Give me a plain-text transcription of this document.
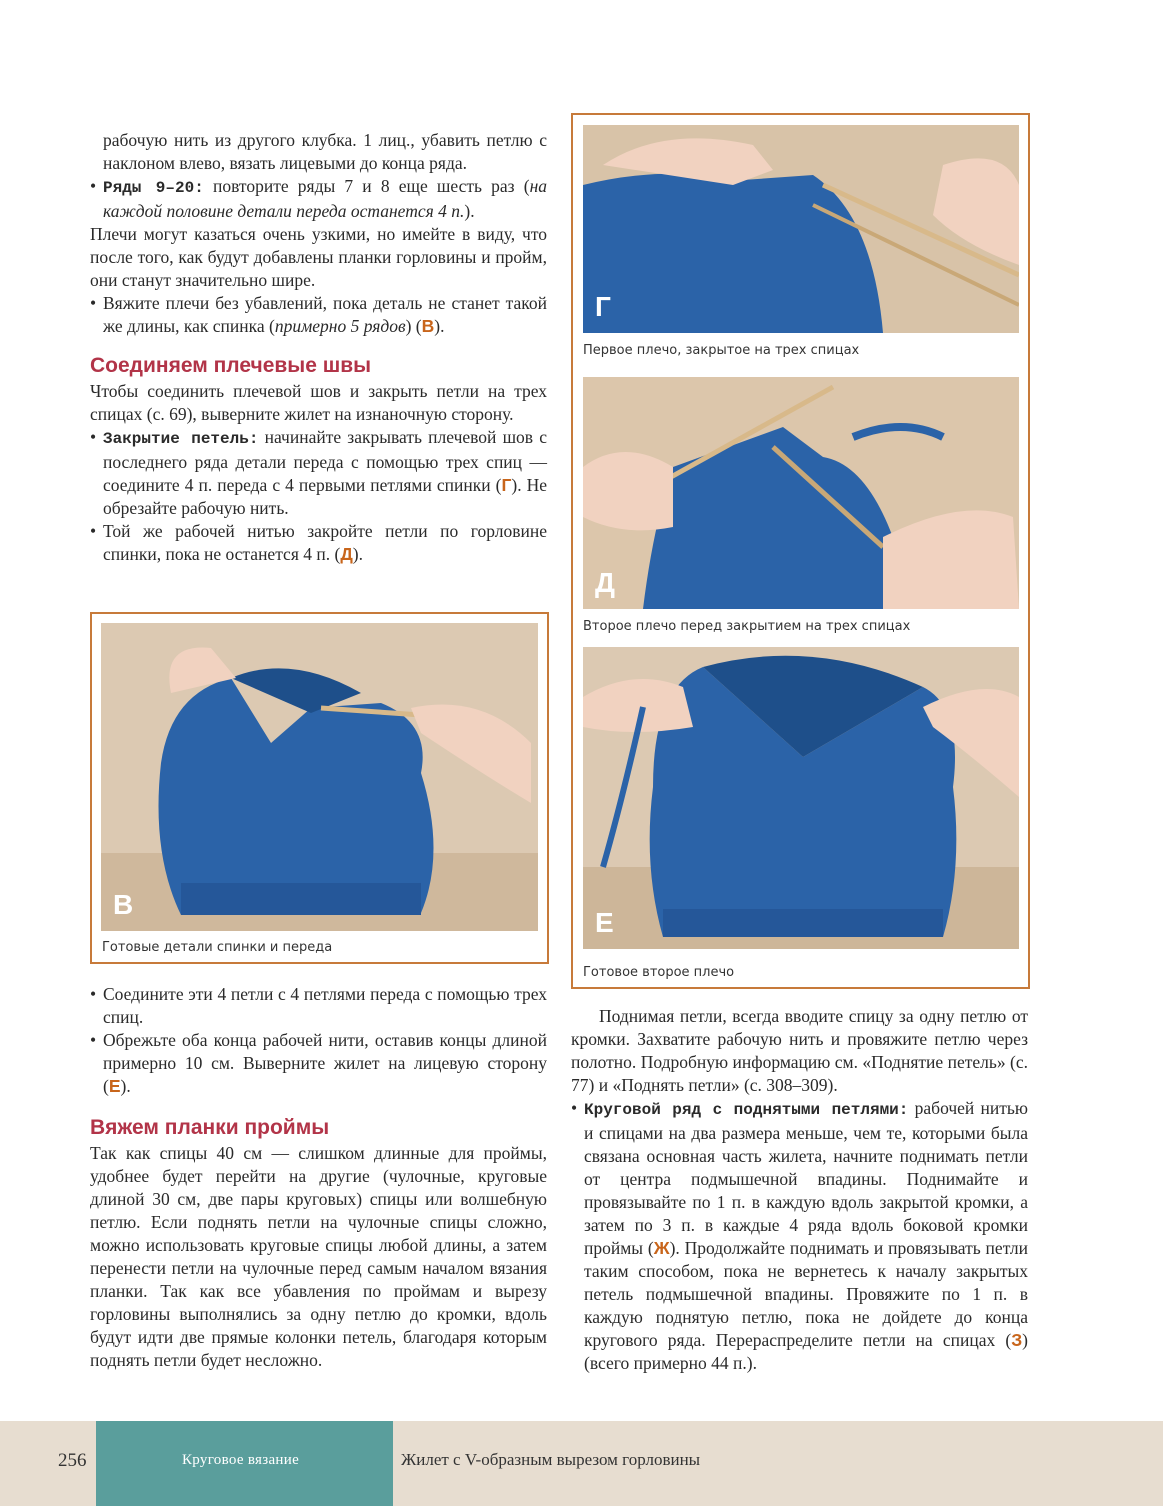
рабочую нить из другого клубка. 1 лиц., убавить петлю с наклоном влево, вязать лицевыми до конца ряда.

• Ряды 9–20: повторите ряды 7 и 8 еще шесть раз (на каждой половине детали переда останется 4 п.).

Плечи могут казаться очень узкими, но имейте в виду, что после того, как будут добавлены планки горловины и пройм, они станут значительно шире.

• Вяжите плечи без убавлений, пока деталь не станет такой же длины, как спинка (примерно 5 рядов) (В).

Соединяем плечевые швы

Чтобы соединить плечевой шов и закрыть петли на трех спицах (с. 69), выверните жилет на изнаночную сторону.

• Закрытие петель: начинайте закрывать плечевой шов с последнего ряда детали переда с помощью трех спиц — соедините 4 п. переда с 4 первыми петлями спинки (Г). Не обрезайте рабочую нить.

• Той же рабочей нитью закройте петли по горловине спинки, пока не останется 4 п. (Д).

В
Готовые детали спинки и переда

• Соедините эти 4 петли с 4 петлями переда с помощью трех спиц.

• Обрежьте оба конца рабочей нити, оставив концы длиной примерно 10 см. Выверните жилет на лицевую сторону (Е).

Вяжем планки проймы

Так как спицы 40 см — слишком длинные для проймы, удобнее будет перейти на другие (чулочные, круговые длиной 30 см, две пары круговых) спицы или волшебную петлю. Если поднять петли на чулочные спицы сложно, можно использовать круговые спицы любой длины, а затем перенести петли на чулочные перед самым началом вязания планки. Так как все убавления по проймам и вырезу горловины выполнялись за одну петлю до кромки, вдоль будут идти две прямые колонки петель, благодаря которым поднять петли будет несложно.

Г
Первое плечо, закрытое на трех спицах
Д
Второе плечо перед закрытием на трех спицах
Е
Готовое второе плечо

Поднимая петли, всегда вводите спицу за одну петлю от кромки. Захватите рабочую нить и провяжите петлю через полотно. Подробную информацию см. «Поднятие петель» (с. 77) и «Поднять петли» (с. 308–309).

• Круговой ряд с поднятыми петлями: рабочей нитью и спицами на два размера меньше, чем те, которыми была связана основная часть жилета, начните поднимать петли от центра подмышечной впадины. Поднимайте и провязывайте по 1 п. в каждую вдоль закрытой кромки, а затем по 3 п. в каждые 4 ряда вдоль боковой кромки проймы (Ж). Продолжайте поднимать и провязывать петли таким способом, пока не вернетесь к началу закрытых петель подмышечной впадины. Провяжите по 1 п. в каждую поднятую петлю, пока не дойдете до конца кругового ряда. Перераспределите петли на спицах (З) (всего примерно 44 п.).

256	Круговое вязание	Жилет с V-образным вырезом горловины
